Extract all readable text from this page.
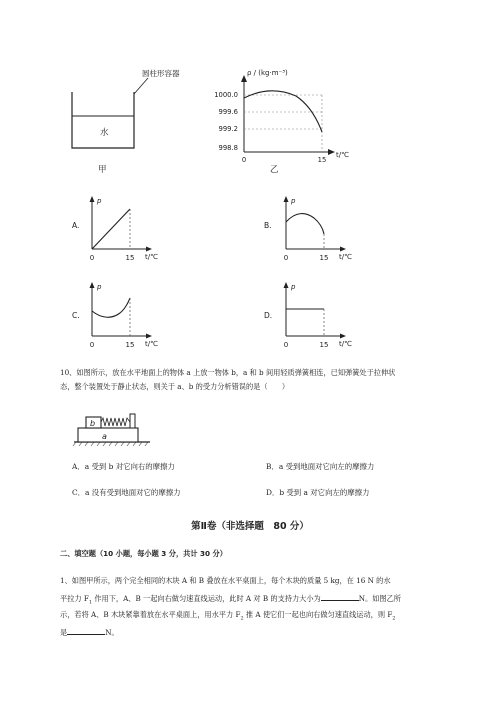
圆柱形容器
水
甲
ρ / (kg·m⁻³)
t/℃
1000.0
999.6
999.2
998.8
0	15
乙
A.
p
t/℃
0	15
B.
p
t/℃
0	15
C.
p
t/℃
0	15
D.
p
t/℃
0	15
10、如图所示，放在水平地面上的物体 a 上放一物体 b，a 和 b 间用轻质弹簧相连，已知弹簧处于拉伸状
态，整个装置处于静止状态，则关于 a、b 的受力分析错误的是（　　）
a
b
A．a 受到 b 对它向右的摩擦力	B．a 受到地面对它向左的摩擦力
C．a 没有受到地面对它的摩擦力	D．b 受到 a 对它向左的摩擦力
第Ⅱ卷（非选择题　80 分）
二、填空题（10 小题，每小题 3 分，共计 30 分）
1、如图甲所示，两个完全相同的木块 A 和 B 叠放在水平桌面上，每个木块的质量 5 kg，在 16 N 的水
平拉力 $F_1$ 作用下，A、B 一起向右做匀速直线运动，此时 A 对 B 的支持力大小为	N。如图乙所
示，若将 A、B 木块紧靠着放在水平桌面上，用水平力 $F_2$ 推 A 使它们一起也向右做匀速直线运动，则 $F_2$
是	N。
